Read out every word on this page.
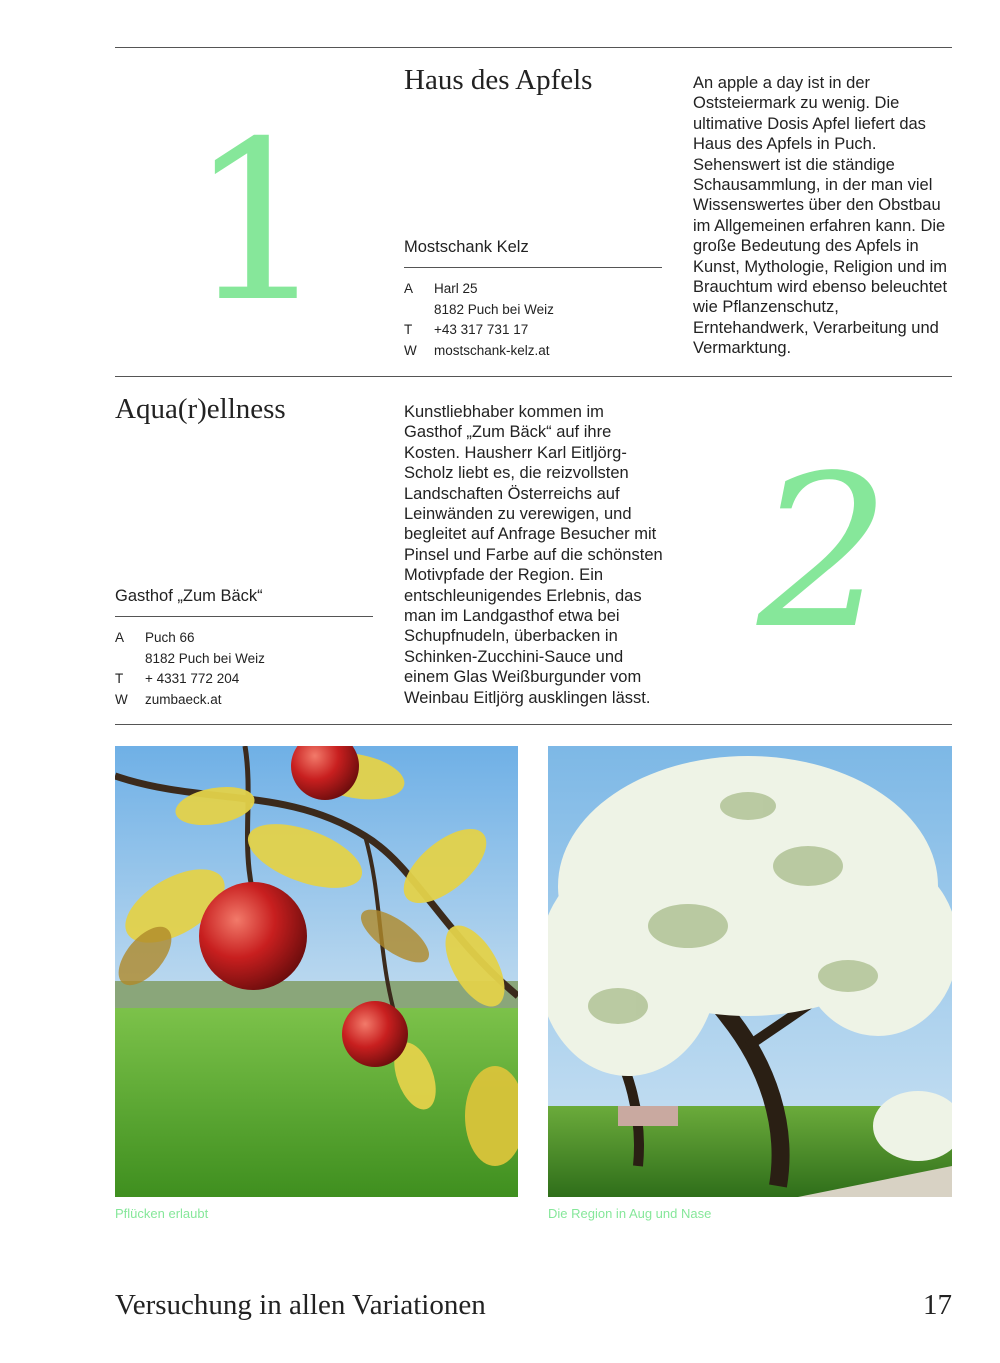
1
Haus des Apfels
Mostschank Kelz
A	Harl 25
8182 Puch bei Weiz
T	+43 317 731 17
W	mostschank-kelz.at
An apple a day ist in der Oststeiermark zu wenig. Die ultimative Dosis Apfel liefert das Haus des Apfels in Puch. Sehenswert ist die ständige Schausammlung, in der man viel Wissenswertes über den Obstbau im Allgemeinen erfahren kann. Die große Bedeutung des Apfels in Kunst, Mythologie, Religion und im Brauchtum wird ebenso beleuchtet wie Pflanzenschutz, Erntehandwerk, Verarbeitung und Vermarktung.
Aqua(r)ellness
Gasthof „Zum Bäck“
A	Puch 66
8182 Puch bei Weiz
T	+ 4331 772 204
W	zumbaeck.at
Kunstliebhaber kommen im Gasthof „Zum Bäck“ auf ihre Kosten. Hausherr Karl Eitljörg-Scholz liebt es, die reizvollsten Landschaften Österreichs auf Leinwänden zu verewigen, und begleitet auf Anfrage Besucher mit Pinsel und Farbe auf die schönsten Motivpfade der Region. Ein entschleunigendes Erlebnis, das man im Landgasthof etwa bei Schupfnudeln, überbacken in Schinken-Zucchini-Sauce und einem Glas Weißburgunder vom Weinbau Eitljörg ausklingen lässt.
2
Pflücken erlaubt	Die Region in Aug und Nase
Versuchung in allen Variationen	17
